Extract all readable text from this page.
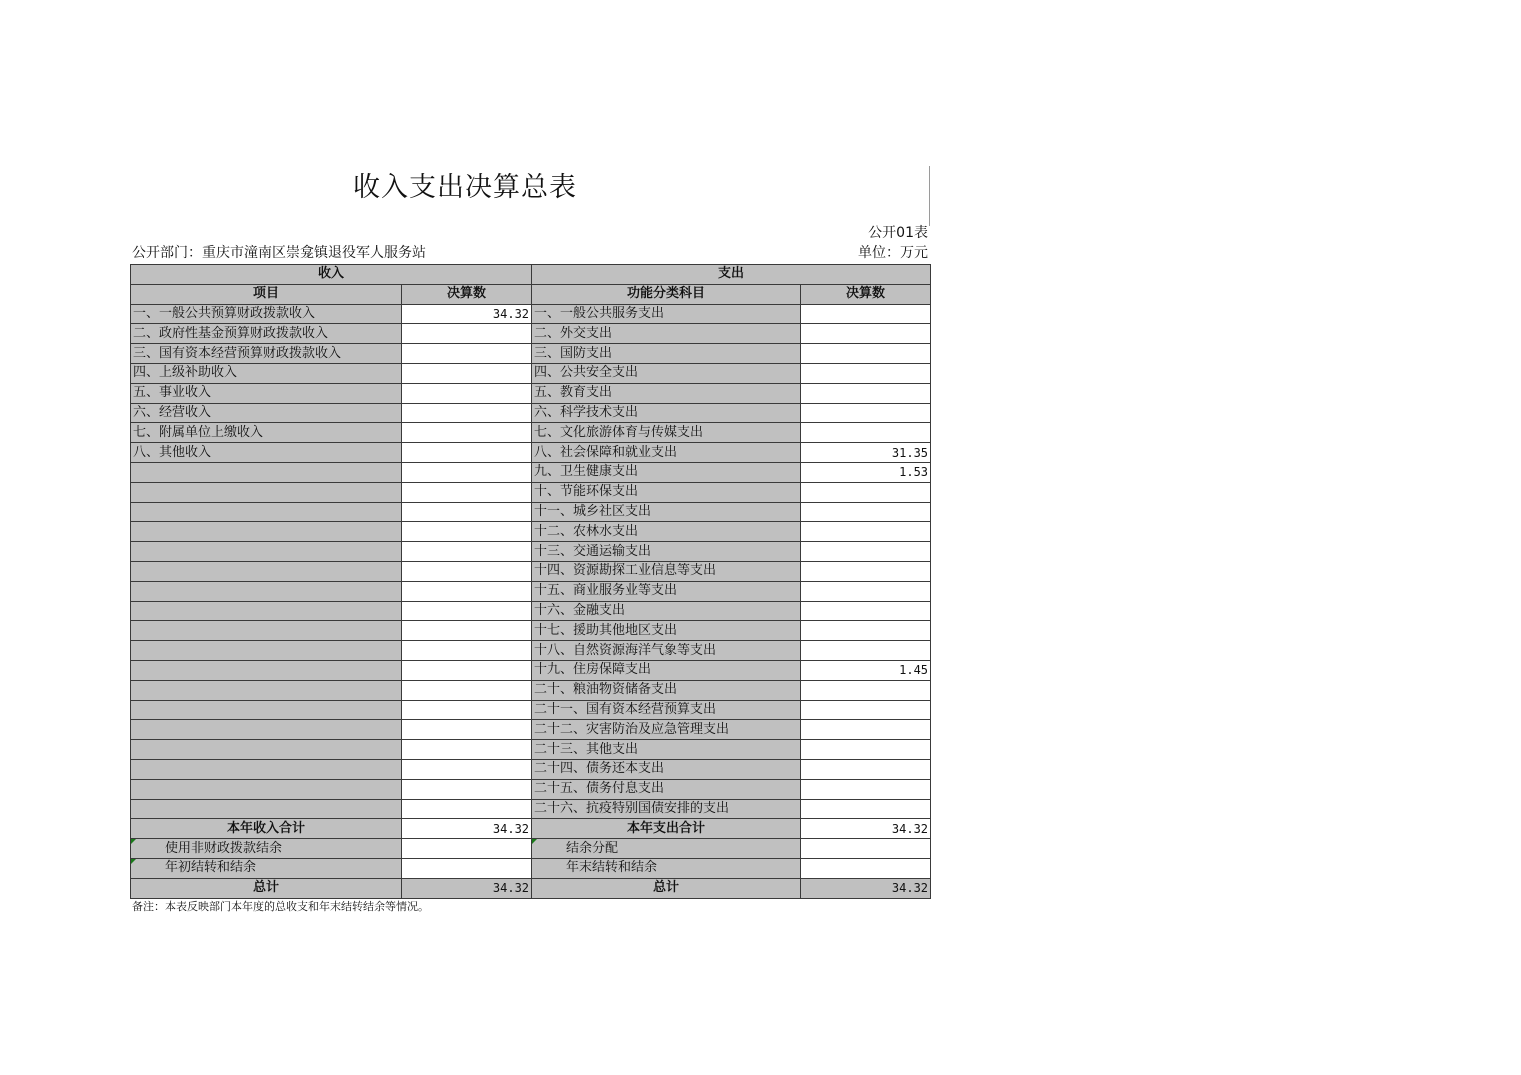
收入支出决算总表
公开01表
公开部门：重庆市潼南区崇龛镇退役军人服务站	单位：万元
收入		支出	
项目	决算数	功能分类科目	决算数
一、一般公共预算财政拨款收入	34.32	一、一般公共服务支出	
二、政府性基金预算财政拨款收入		二、外交支出	
三、国有资本经营预算财政拨款收入		三、国防支出	
四、上级补助收入		四、公共安全支出	
五、事业收入		五、教育支出	
六、经营收入		六、科学技术支出	
七、附属单位上缴收入		七、文化旅游体育与传媒支出	
八、其他收入		八、社会保障和就业支出	31.35
		九、卫生健康支出	1.53
		十、节能环保支出	
		十一、城乡社区支出	
		十二、农林水支出	
		十三、交通运输支出	
		十四、资源勘探工业信息等支出	
		十五、商业服务业等支出	
		十六、金融支出	
		十七、援助其他地区支出	
		十八、自然资源海洋气象等支出	
		十九、住房保障支出	1.45
		二十、粮油物资储备支出	
		二十一、国有资本经营预算支出	
		二十二、灾害防治及应急管理支出	
		二十三、其他支出	
		二十四、债务还本支出	
		二十五、债务付息支出	
		二十六、抗疫特别国债安排的支出	
本年收入合计	34.32	本年支出合计	34.32
使用非财政拨款结余		结余分配	
年初结转和结余		年末结转和结余	
总计	34.32	总计	34.32
备注：本表反映部门本年度的总收支和年末结转结余等情况。
